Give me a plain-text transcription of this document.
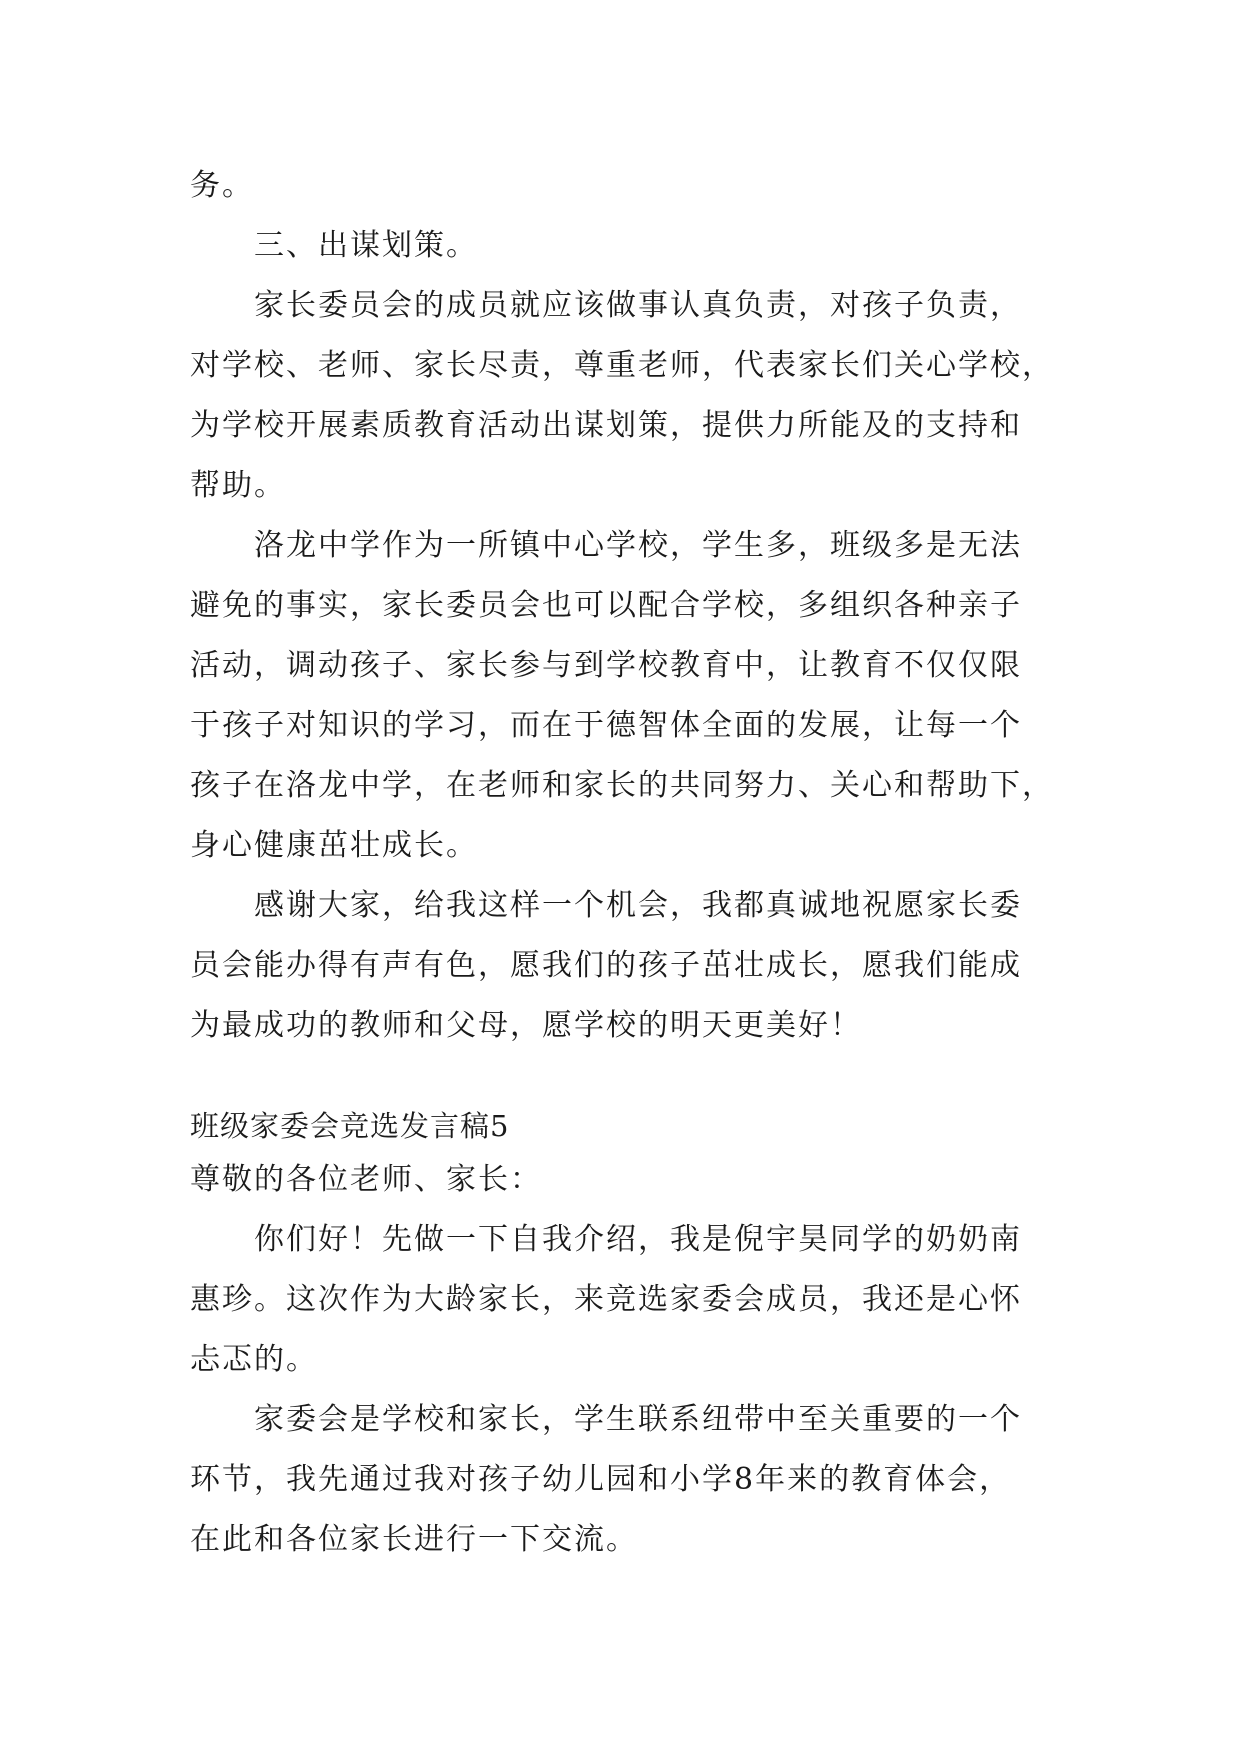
务。
三、出谋划策。
家长委员会的成员就应该做事认真负责，对孩子负责，
对学校、老师、家长尽责，尊重老师，代表家长们关心学校，
为学校开展素质教育活动出谋划策，提供力所能及的支持和
帮助。
洛龙中学作为一所镇中心学校，学生多，班级多是无法
避免的事实，家长委员会也可以配合学校，多组织各种亲子
活动，调动孩子、家长参与到学校教育中，让教育不仅仅限
于孩子对知识的学习，而在于德智体全面的发展，让每一个
孩子在洛龙中学，在老师和家长的共同努力、关心和帮助下，
身心健康茁壮成长。
感谢大家，给我这样一个机会，我都真诚地祝愿家长委
员会能办得有声有色，愿我们的孩子茁壮成长，愿我们能成
为最成功的教师和父母，愿学校的明天更美好！
班级家委会竞选发言稿5
尊敬的各位老师、家长：
你们好！先做一下自我介绍，我是倪宇昊同学的奶奶南
惠珍。这次作为大龄家长，来竞选家委会成员，我还是心怀
忐忑的。
家委会是学校和家长，学生联系纽带中至关重要的一个
环节，我先通过我对孩子幼儿园和小学8年来的教育体会，
在此和各位家长进行一下交流。
